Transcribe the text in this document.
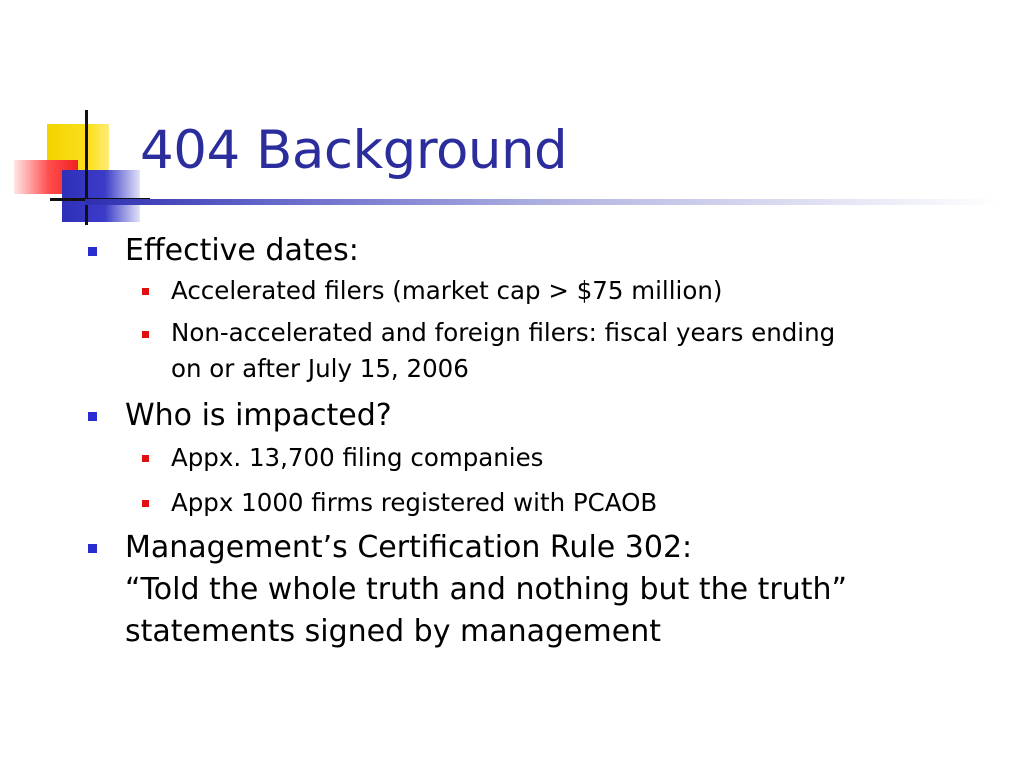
404 Background
Effective dates:
Accelerated filers (market cap > $75 million)
Non-accelerated and foreign filers: fiscal years ending
on or after July 15, 2006
Who is impacted?
Appx. 13,700 filing companies
Appx 1000 firms registered with PCAOB
Management’s Certification Rule 302:
“Told the whole truth and nothing but the truth”
statements signed by management
